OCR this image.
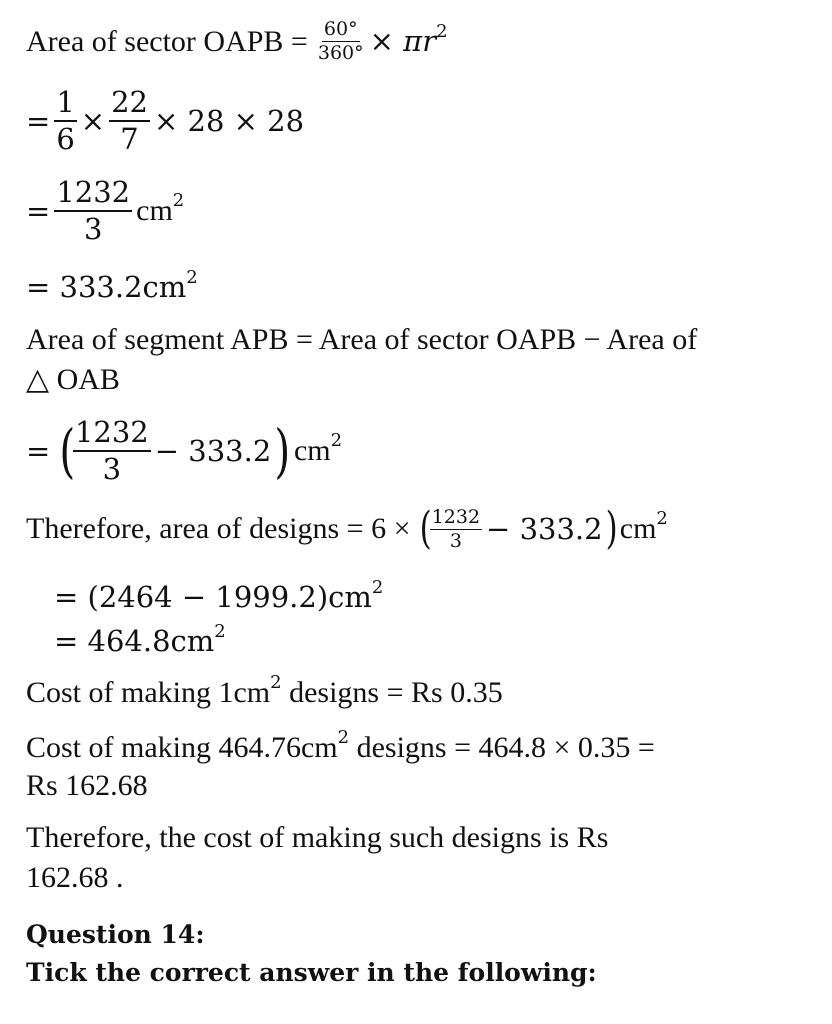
Area of sector OAPB = $\frac{60^\circ}{360^\circ} \times \pi r$ 2
= $\frac{1}{6} \times \frac{22}{7} \times 28 \times 28$
= $\frac{1232}{3}$ cm 2
= 333.2cm 2
Area of segment APB = Area of sector OAPB − Area of
△ OAB
= (
$\frac{1232}{3} - 333.2$ ) cm 2
Therefore, area of designs = 6 × (
$\frac{1232}{3} - 333.2$ ) cm 2
= (2464 − 1999.2)cm 2
= 464.8cm 2
Cost of making 1cm 2 designs = Rs 0.35
Cost of making 464.76cm 2 designs = 464.8 × 0.35 =
Rs 162.68
Therefore, the cost of making such designs is Rs
162.68 .
Question 14:
Tick the correct answer in the following:
